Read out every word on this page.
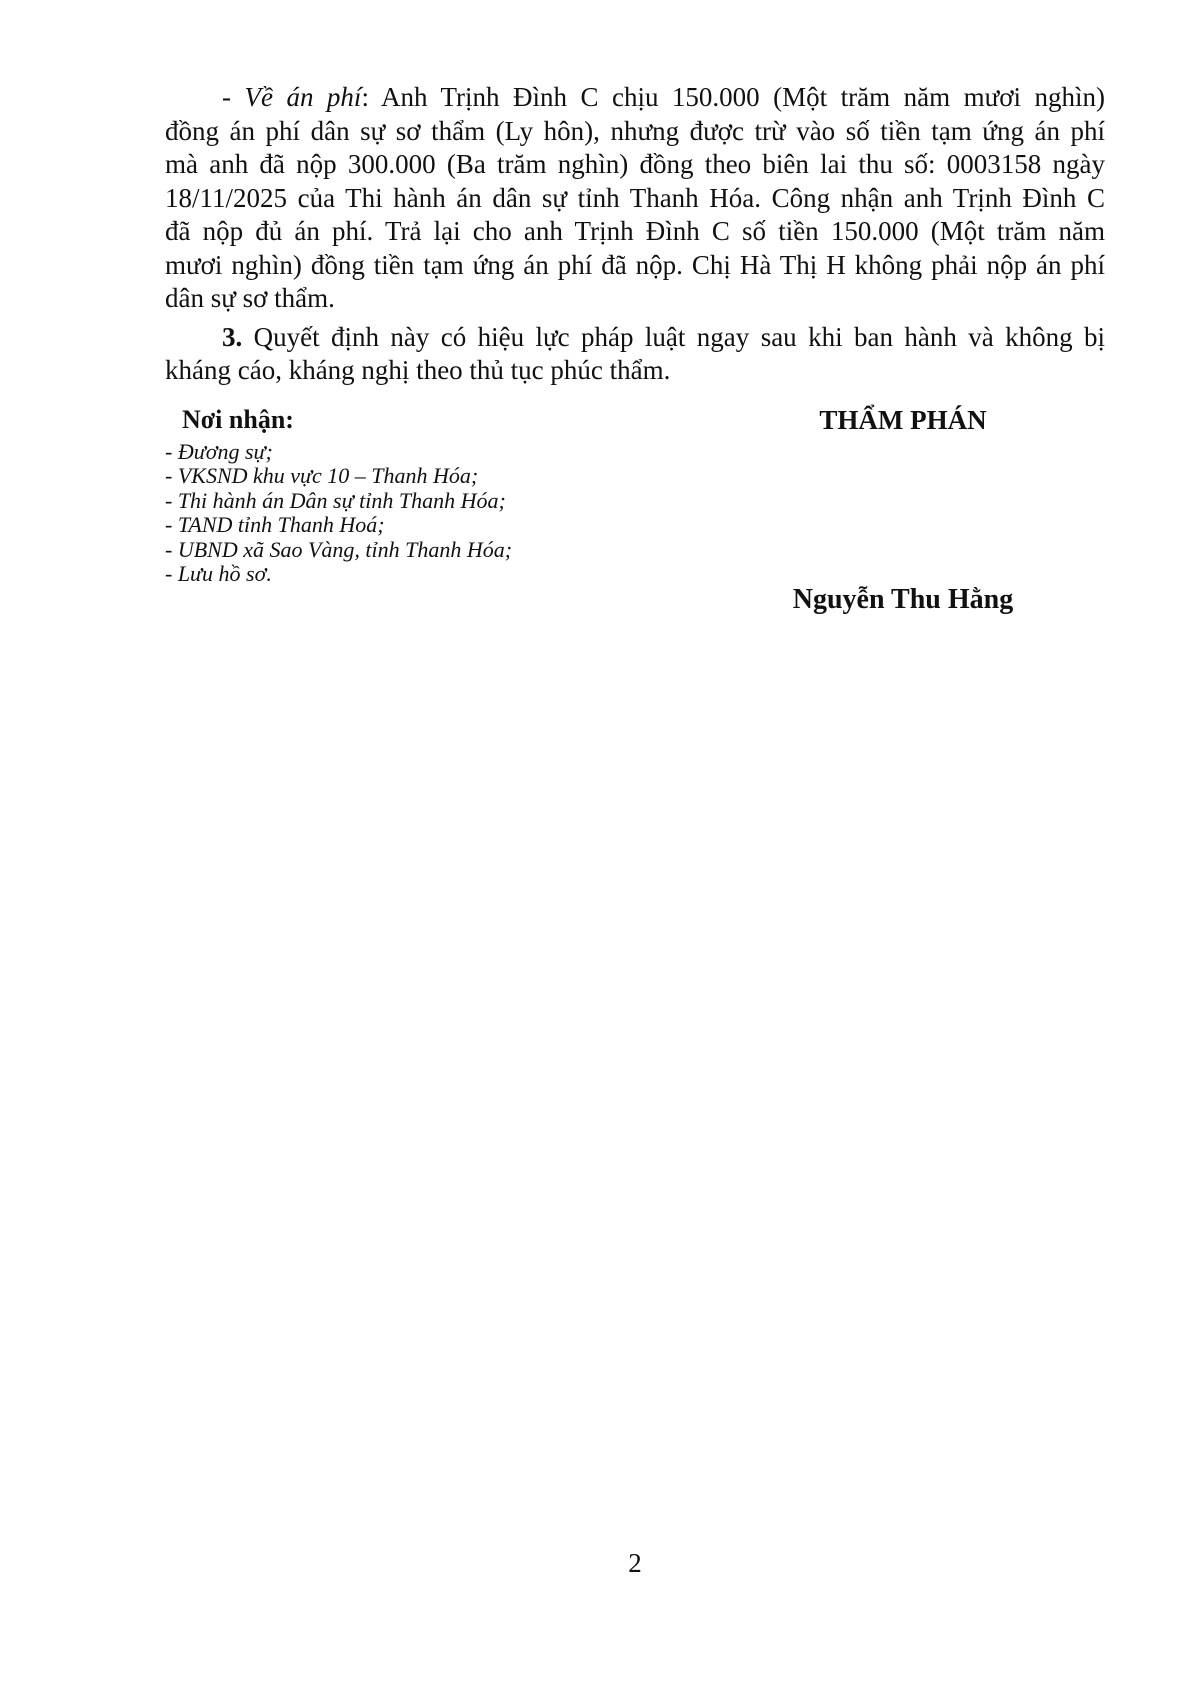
- Về án phí: Anh Trịnh Đình C chịu 150.000 (Một trăm năm mươi nghìn)
đồng án phí dân sự sơ thẩm (Ly hôn), nhưng được trừ vào số tiền tạm ứng án phí
mà anh đã nộp 300.000 (Ba trăm nghìn) đồng theo biên lai thu số: 0003158 ngày
18/11/2025 của Thi hành án dân sự tỉnh Thanh Hóa. Công nhận anh Trịnh Đình C
đã nộp đủ án phí. Trả lại cho anh Trịnh Đình C số tiền 150.000 (Một trăm năm
mươi nghìn) đồng tiền tạm ứng án phí đã nộp. Chị Hà Thị H không phải nộp án phí
dân sự sơ thẩm.
3. Quyết định này có hiệu lực pháp luật ngay sau khi ban hành và không bị
kháng cáo, kháng nghị theo thủ tục phúc thẩm.
Nơi nhận:
- Đương sự;
- VKSND khu vực 10 – Thanh Hóa;
- Thi hành án Dân sự tỉnh Thanh Hóa;
- TAND tỉnh Thanh Hoá;
- UBND xã Sao Vàng, tỉnh Thanh Hóa;
- Lưu hồ sơ.
THẨM PHÁN
Nguyễn Thu Hằng
2
